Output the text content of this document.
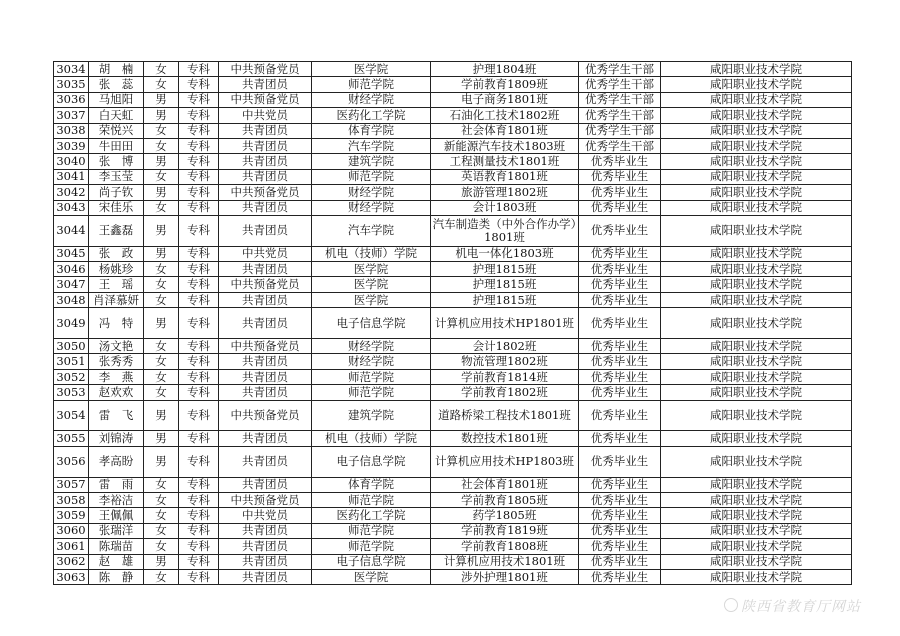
3034	胡　楠	女	专科	中共预备党员	医学院	护理1804班	优秀学生干部	咸阳职业技术学院
3035	张　蕊	女	专科	共青团员	师范学院	学前教育1809班	优秀学生干部	咸阳职业技术学院
3036	马旭阳	男	专科	中共预备党员	财经学院	电子商务1801班	优秀学生干部	咸阳职业技术学院
3037	白天虹	男	专科	中共党员	医药化工学院	石油化工技术1802班	优秀学生干部	咸阳职业技术学院
3038	荣悦兴	女	专科	共青团员	体育学院	社会体育1801班	优秀学生干部	咸阳职业技术学院
3039	牛田田	女	专科	共青团员	汽车学院	新能源汽车技术1803班	优秀学生干部	咸阳职业技术学院
3040	张　博	男	专科	共青团员	建筑学院	工程测量技术1801班	优秀毕业生	咸阳职业技术学院
3041	李玉莹	女	专科	共青团员	师范学院	英语教育1801班	优秀毕业生	咸阳职业技术学院
3042	尚子钦	男	专科	中共预备党员	财经学院	旅游管理1802班	优秀毕业生	咸阳职业技术学院
3043	宋佳乐	女	专科	共青团员	财经学院	会计1803班	优秀毕业生	咸阳职业技术学院
3044	王鑫磊	男	专科	共青团员	汽车学院	汽车制造类（中外合作办学）1801班	优秀毕业生	咸阳职业技术学院
3045	张　政	男	专科	中共党员	机电（技师）学院	机电一体化1803班	优秀毕业生	咸阳职业技术学院
3046	杨姚珍	女	专科	共青团员	医学院	护理1815班	优秀毕业生	咸阳职业技术学院
3047	王　瑶	女	专科	中共预备党员	医学院	护理1815班	优秀毕业生	咸阳职业技术学院
3048	肖泽慕妍	女	专科	共青团员	医学院	护理1815班	优秀毕业生	咸阳职业技术学院
3049	冯　特	男	专科	共青团员	电子信息学院	计算机应用技术HP1801班	优秀毕业生	咸阳职业技术学院
3050	汤文艳	女	专科	中共预备党员	财经学院	会计1802班	优秀毕业生	咸阳职业技术学院
3051	张秀秀	女	专科	共青团员	财经学院	物流管理1802班	优秀毕业生	咸阳职业技术学院
3052	李　燕	女	专科	共青团员	师范学院	学前教育1814班	优秀毕业生	咸阳职业技术学院
3053	赵欢欢	女	专科	共青团员	师范学院	学前教育1802班	优秀毕业生	咸阳职业技术学院
3054	雷　飞	男	专科	中共预备党员	建筑学院	道路桥梁工程技术1801班	优秀毕业生	咸阳职业技术学院
3055	刘锦涛	男	专科	共青团员	机电（技师）学院	数控技术1801班	优秀毕业生	咸阳职业技术学院
3056	孝高盼	男	专科	共青团员	电子信息学院	计算机应用技术HP1803班	优秀毕业生	咸阳职业技术学院
3057	雷　雨	女	专科	共青团员	体育学院	社会体育1801班	优秀毕业生	咸阳职业技术学院
3058	李裕洁	女	专科	中共预备党员	师范学院	学前教育1805班	优秀毕业生	咸阳职业技术学院
3059	王佩佩	女	专科	中共党员	医药化工学院	药学1805班	优秀毕业生	咸阳职业技术学院
3060	张瑞洋	女	专科	共青团员	师范学院	学前教育1819班	优秀毕业生	咸阳职业技术学院
3061	陈瑞苗	女	专科	共青团员	师范学院	学前教育1808班	优秀毕业生	咸阳职业技术学院
3062	赵　雄	男	专科	共青团员	电子信息学院	计算机应用技术1801班	优秀毕业生	咸阳职业技术学院
3063	陈　静	女	专科	共青团员	医学院	涉外护理1801班	优秀毕业生	咸阳职业技术学院
陕西省教育厅网站
